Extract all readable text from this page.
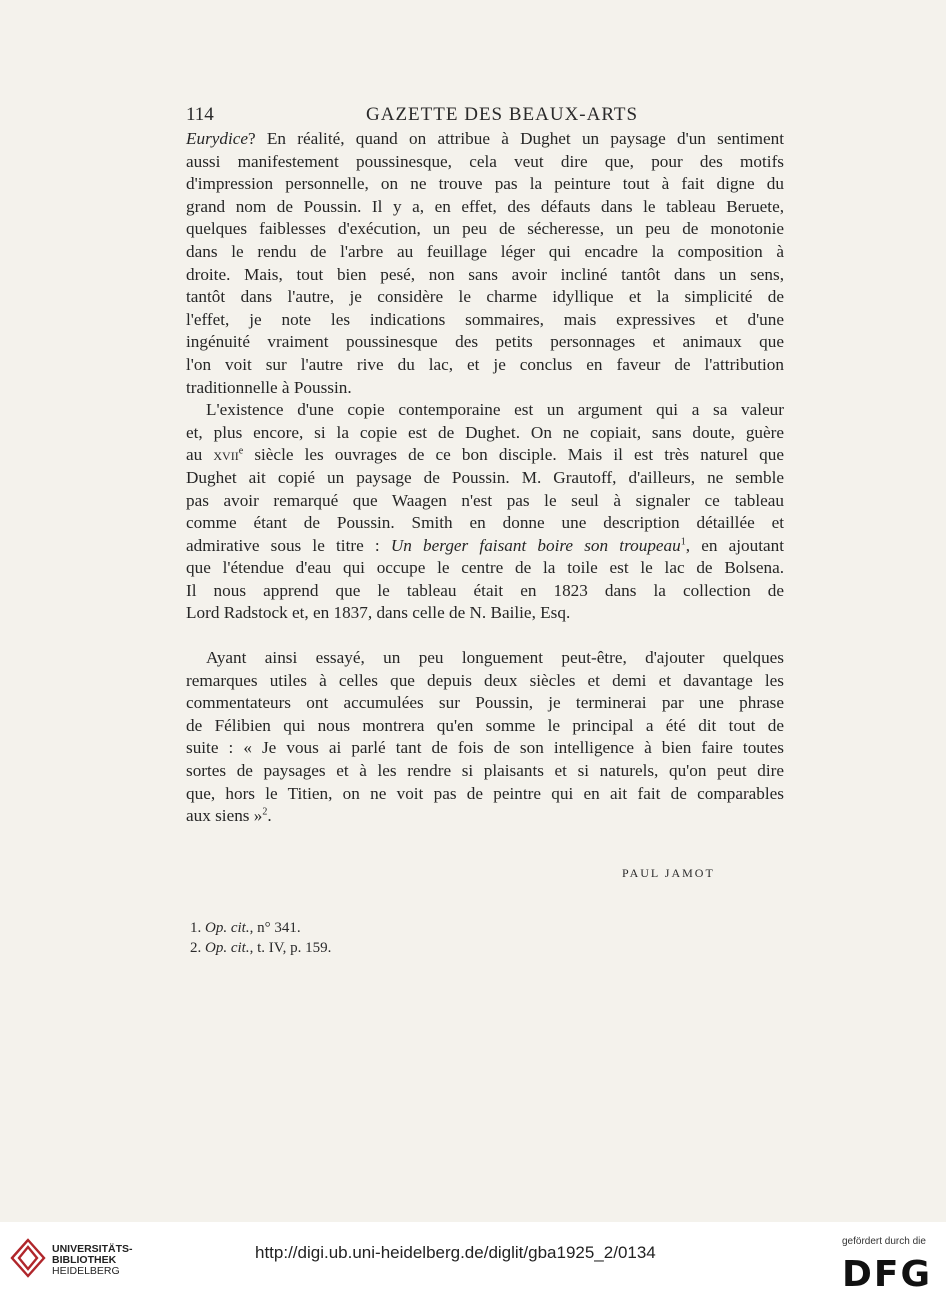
114	GAZETTE DES BEAUX-ARTS

Eurydice? En réalité, quand on attribue à Dughet un paysage d'un sentiment
aussi manifestement poussinesque, cela veut dire que, pour des motifs
d'impression personnelle, on ne trouve pas la peinture tout à fait digne du
grand nom de Poussin. Il y a, en effet, des défauts dans le tableau Beruete,
quelques faiblesses d'exécution, un peu de sécheresse, un peu de monotonie
dans le rendu de l'arbre au feuillage léger qui encadre la composition à
droite. Mais, tout bien pesé, non sans avoir incliné tantôt dans un sens,
tantôt dans l'autre, je considère le charme idyllique et la simplicité de
l'effet, je note les indications sommaires, mais expressives et d'une
ingénuité vraiment poussinesque des petits personnages et animaux que
l'on voit sur l'autre rive du lac, et je conclus en faveur de l'attribution
traditionnelle à Poussin.

L'existence d'une copie contemporaine est un argument qui a sa valeur
et, plus encore, si la copie est de Dughet. On ne copiait, sans doute, guère
au xvii$^e$ siècle les ouvrages de ce bon disciple. Mais il est très naturel que
Dughet ait copié un paysage de Poussin. M. Grautoff, d'ailleurs, ne semble
pas avoir remarqué que Waagen n'est pas le seul à signaler ce tableau
comme étant de Poussin. Smith en donne une description détaillée et
admirative sous le titre : Un berger faisant boire son troupeau$^1$, en ajoutant
que l'étendue d'eau qui occupe le centre de la toile est le lac de Bolsena.
Il nous apprend que le tableau était en 1823 dans la collection de
Lord Radstock et, en 1837, dans celle de N. Bailie, Esq.

Ayant ainsi essayé, un peu longuement peut-être, d'ajouter quelques
remarques utiles à celles que depuis deux siècles et demi et davantage les
commentateurs ont accumulées sur Poussin, je terminerai par une phrase
de Félibien qui nous montrera qu'en somme le principal a été dit tout de
suite : « Je vous ai parlé tant de fois de son intelligence à bien faire toutes
sortes de paysages et à les rendre si plaisants et si naturels, qu'on peut dire
que, hors le Titien, on ne voit pas de peintre qui en ait fait de comparables
aux siens »$^2$.

PAUL JAMOT
1. Op. cit., n° 341.
2. Op. cit., t. IV, p. 159.
UNIVERSITÄTS-
BIBLIOTHEK
HEIDELBERG
http://digi.ub.uni-heidelberg.de/diglit/gba1925_2/0134
gefördert durch die
DFG
